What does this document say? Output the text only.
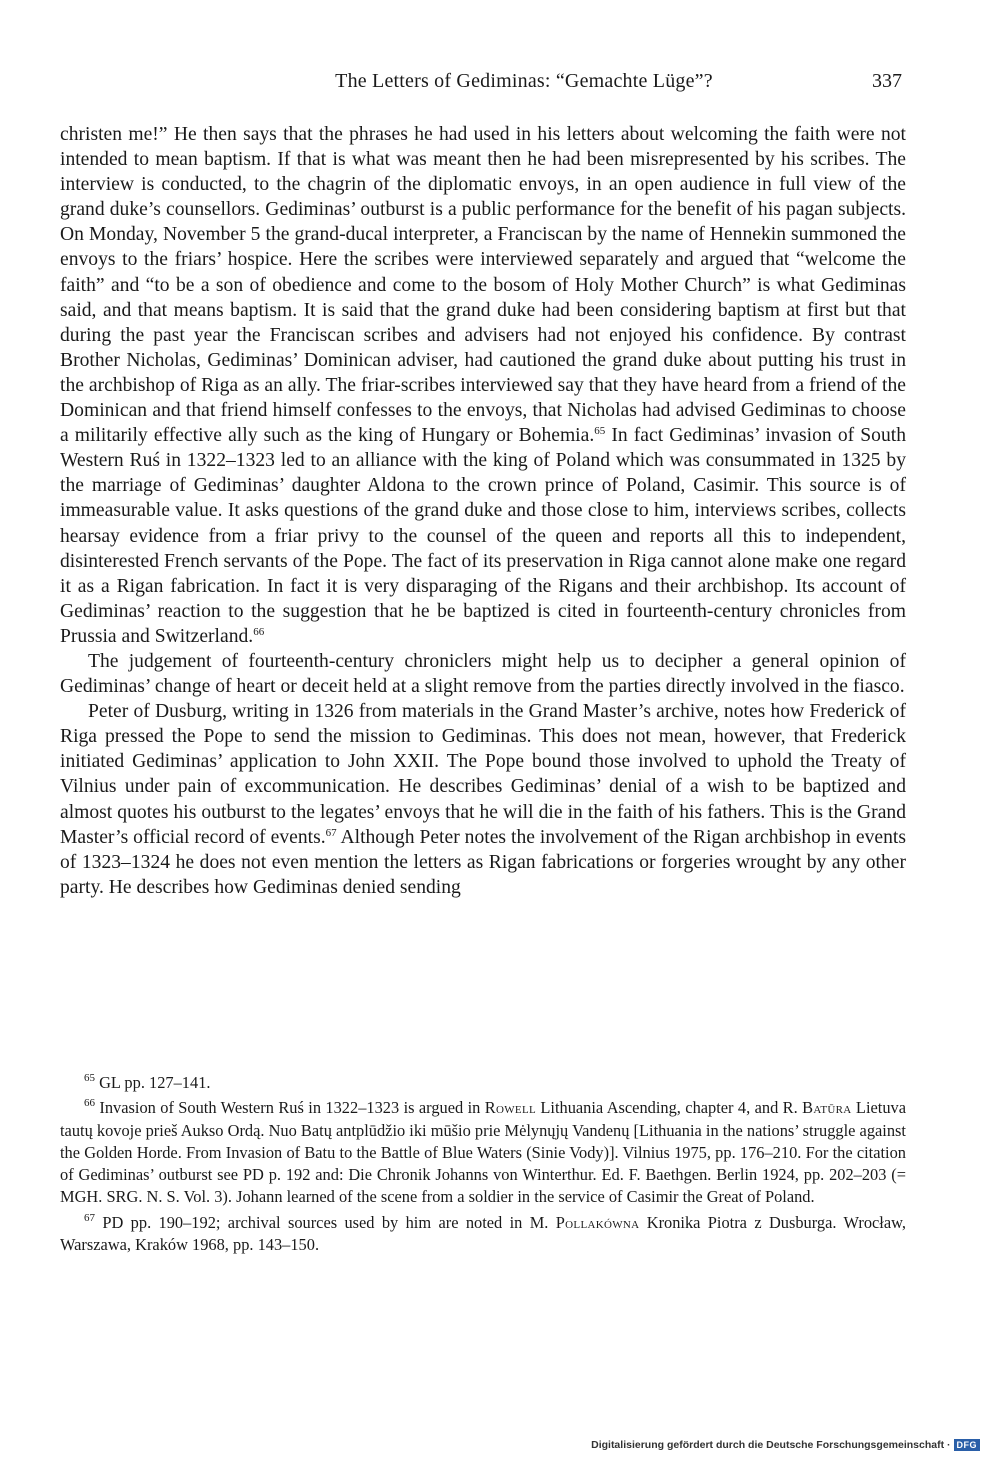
The Letters of Gediminas: “Gemachte Lüge”?	337

christen me!” He then says that the phrases he had used in his letters about welcoming the faith were not intended to mean baptism. If that is what was meant then he had been misrepresented by his scribes. The interview is conducted, to the chagrin of the diplomatic envoys, in an open audience in full view of the grand duke’s counsellors. Gediminas’ outburst is a public performance for the benefit of his pagan subjects. On Monday, November 5 the grand-ducal interpreter, a Franciscan by the name of Hennekin summoned the envoys to the friars’ hospice. Here the scribes were interviewed separately and argued that “welcome the faith” and “to be a son of obedience and come to the bosom of Holy Mother Church” is what Gediminas said, and that means baptism. It is said that the grand duke had been considering baptism at first but that during the past year the Franciscan scribes and advisers had not enjoyed his confidence. By contrast Brother Nicholas, Gediminas’ Dominican adviser, had cautioned the grand duke about putting his trust in the archbishop of Riga as an ally. The friar-scribes interviewed say that they have heard from a friend of the Dominican and that friend himself confesses to the envoys, that Nicholas had advised Gediminas to choose a militarily effective ally such as the king of Hungary or Bohemia.$^{65}$ In fact Gediminas’ invasion of South Western Ruś in 1322–1323 led to an alliance with the king of Poland which was consummated in 1325 by the marriage of Gediminas’ daughter Aldona to the crown prince of Poland, Casimir. This source is of immeasurable value. It asks questions of the grand duke and those close to him, interviews scribes, collects hearsay evidence from a friar privy to the counsel of the queen and reports all this to independent, disinterested French servants of the Pope. The fact of its preservation in Riga cannot alone make one regard it as a Rigan fabrication. In fact it is very disparaging of the Rigans and their archbishop. Its account of Gediminas’ reaction to the suggestion that he be baptized is cited in fourteenth-century chronicles from Prussia and Switzerland.$^{66}$

The judgement of fourteenth-century chroniclers might help us to decipher a general opinion of Gediminas’ change of heart or deceit held at a slight remove from the parties directly involved in the fiasco.

Peter of Dusburg, writing in 1326 from materials in the Grand Master’s archive, notes how Frederick of Riga pressed the Pope to send the mission to Gediminas. This does not mean, however, that Frederick initiated Gediminas’ application to John XXII. The Pope bound those involved to uphold the Treaty of Vilnius under pain of excommunication. He describes Gediminas’ denial of a wish to be baptized and almost quotes his outburst to the legates’ envoys that he will die in the faith of his fathers. This is the Grand Master’s official record of events.$^{67}$ Although Peter notes the involvement of the Rigan archbishop in events of 1323–1324 he does not even mention the letters as Rigan fabrications or forgeries wrought by any other party. He describes how Gediminas denied sending

$^{65}$ GL pp. 127–141.

$^{66}$ Invasion of South Western Ruś in 1322–1323 is argued in Rowell Lithuania Ascending, chapter 4, and R. Batūra Lietuva tautų kovoje prieš Aukso Ordą. Nuo Batų antplūdžio iki mūšio prie Mėlynųjų Vandenų [Lithuania in the nations’ struggle against the Golden Horde. From Invasion of Batu to the Battle of Blue Waters (Sinie Vody)]. Vilnius 1975, pp. 176–210. For the citation of Gediminas’ outburst see PD p. 192 and: Die Chronik Johanns von Winterthur. Ed. F. Baethgen. Berlin 1924, pp. 202–203 (= MGH. SRG. N. S. Vol. 3). Johann learned of the scene from a soldier in the service of Casimir the Great of Poland.

$^{67}$ PD pp. 190–192; archival sources used by him are noted in M. Pollakówna Kronika Piotra z Dusburga. Wrocław, Warszawa, Kraków 1968, pp. 143–150.

Digitalisierung gefördert durch die Deutsche Forschungsgemeinschaft · DFG
